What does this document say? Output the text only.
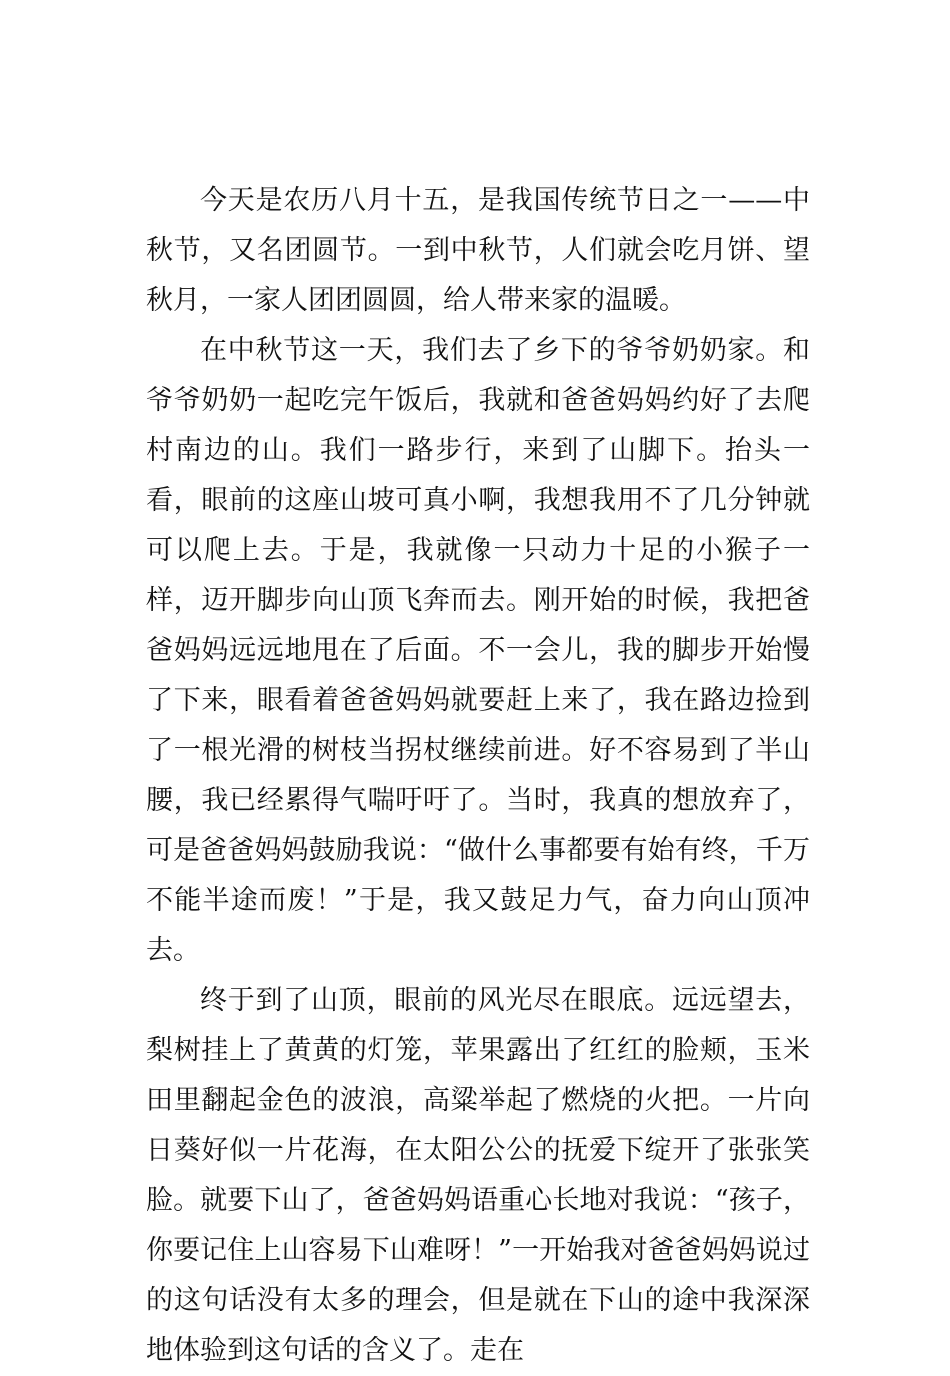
今天是农历八月十五，是我国传统节日之一——中秋节，又名团圆节。一到中秋节，人们就会吃月饼、望秋月，一家人团团圆圆，给人带来家的温暖。

在中秋节这一天，我们去了乡下的爷爷奶奶家。和爷爷奶奶一起吃完午饭后，我就和爸爸妈妈约好了去爬村南边的山。我们一路步行，来到了山脚下。抬头一看，眼前的这座山坡可真小啊，我想我用不了几分钟就可以爬上去。于是，我就像一只动力十足的小猴子一样，迈开脚步向山顶飞奔而去。刚开始的时候，我把爸爸妈妈远远地甩在了后面。不一会儿，我的脚步开始慢了下来，眼看着爸爸妈妈就要赶上来了，我在路边捡到了一根光滑的树枝当拐杖继续前进。好不容易到了半山腰，我已经累得气喘吁吁了。当时，我真的想放弃了，可是爸爸妈妈鼓励我说：“做什么事都要有始有终，千万不能半途而废！”于是，我又鼓足力气，奋力向山顶冲去。

终于到了山顶，眼前的风光尽在眼底。远远望去，梨树挂上了黄黄的灯笼，苹果露出了红红的脸颊，玉米田里翻起金色的波浪，高粱举起了燃烧的火把。一片向日葵好似一片花海，在太阳公公的抚爱下绽开了张张笑脸。就要下山了，爸爸妈妈语重心长地对我说：“孩子，你要记住上山容易下山难呀！”一开始我对爸爸妈妈说过的这句话没有太多的理会，但是就在下山的途中我深深地体验到这句话的含义了。走在
